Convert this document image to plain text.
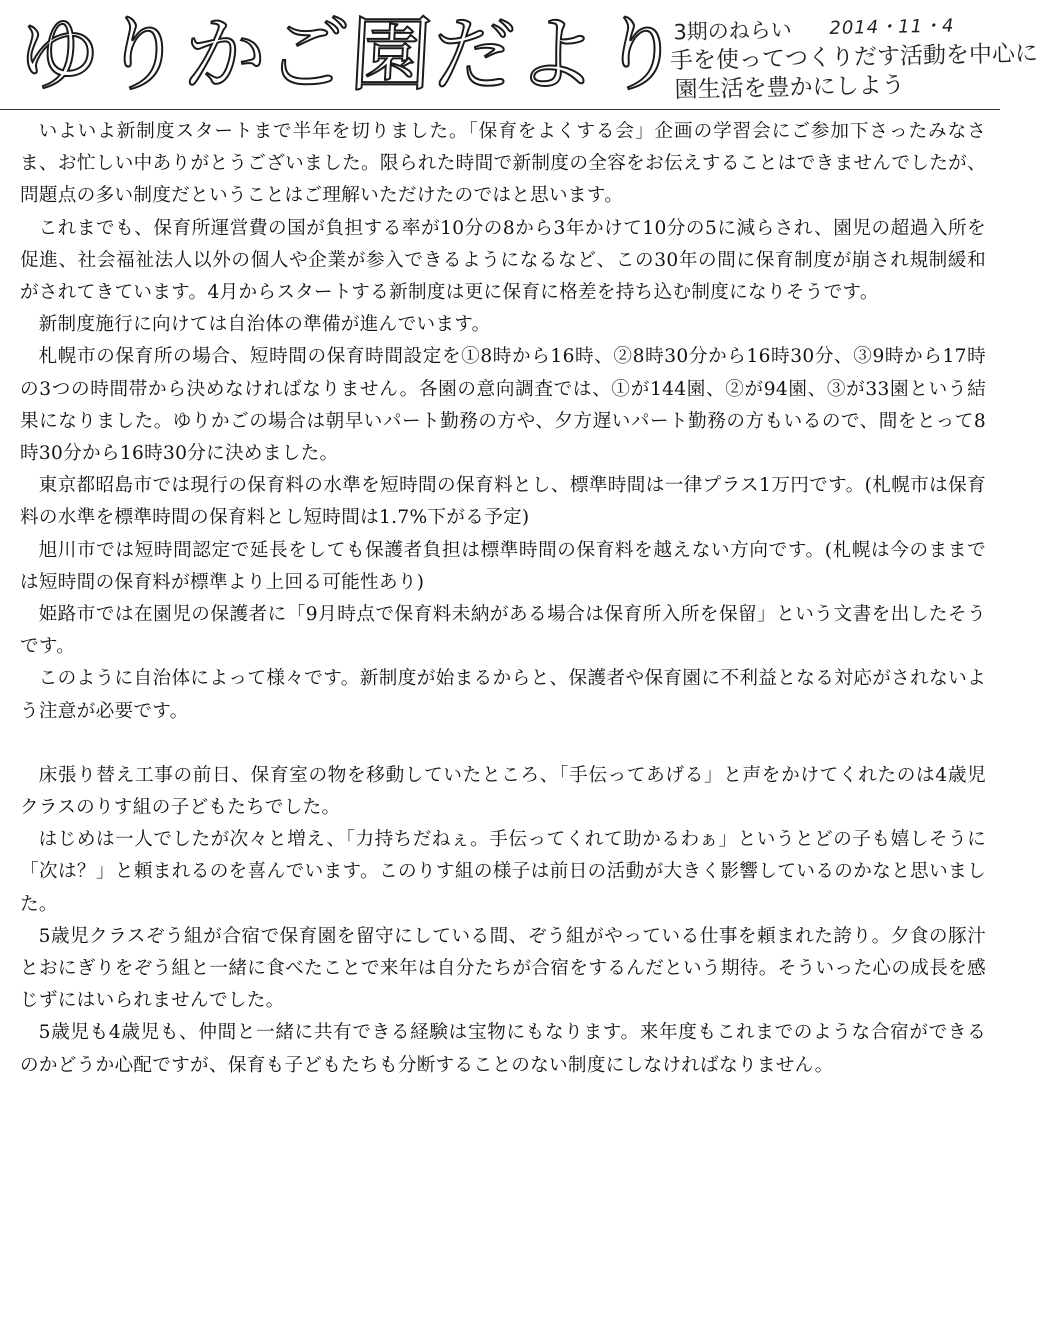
ゆりかご園だより
3期のねらい 2014・11・4
手を使ってつくりだす活動を中心に
園生活を豊かにしよう

いよいよ新制度スタートまで半年を切りました。「保育をよくする会」企画の学習会にご参加下さったみなさま、お忙しい中ありがとうございました。限られた時間で新制度の全容をお伝えすることはできませんでしたが、問題点の多い制度だということはご理解いただけたのではと思います。

これまでも、保育所運営費の国が負担する率が10分の8から3年かけて10分の5に減らされ、園児の超過入所を促進、社会福祉法人以外の個人や企業が参入できるようになるなど、この30年の間に保育制度が崩され規制緩和がされてきています。4月からスタートする新制度は更に保育に格差を持ち込む制度になりそうです。

新制度施行に向けては自治体の準備が進んでいます。

札幌市の保育所の場合、短時間の保育時間設定を①8時から16時、②8時30分から16時30分、③9時から17時の3つの時間帯から決めなければなりません。各園の意向調査では、①が144園、②が94園、③が33園という結果になりました。ゆりかごの場合は朝早いパート勤務の方や、夕方遅いパート勤務の方もいるので、間をとって8時30分から16時30分に決めました。

東京都昭島市では現行の保育料の水準を短時間の保育料とし、標準時間は一律プラス1万円です。(札幌市は保育料の水準を標準時間の保育料とし短時間は1.7%下がる予定)

旭川市では短時間認定で延長をしても保護者負担は標準時間の保育料を越えない方向です。(札幌は今のままでは短時間の保育料が標準より上回る可能性あり)

姫路市では在園児の保護者に「9月時点で保育料未納がある場合は保育所入所を保留」という文書を出したそうです。

このように自治体によって様々です。新制度が始まるからと、保護者や保育園に不利益となる対応がされないよう注意が必要です。

床張り替え工事の前日、保育室の物を移動していたところ、「手伝ってあげる」と声をかけてくれたのは4歳児クラスのりす組の子どもたちでした。

はじめは一人でしたが次々と増え、「力持ちだねぇ。手伝ってくれて助かるわぁ」というとどの子も嬉しそうに「次は？」と頼まれるのを喜んでいます。このりす組の様子は前日の活動が大きく影響しているのかなと思いました。

5歳児クラスぞう組が合宿で保育園を留守にしている間、ぞう組がやっている仕事を頼まれた誇り。夕食の豚汁とおにぎりをぞう組と一緒に食べたことで来年は自分たちが合宿をするんだという期待。そういった心の成長を感じずにはいられませんでした。

5歳児も4歳児も、仲間と一緒に共有できる経験は宝物にもなります。来年度もこれまでのような合宿ができるのかどうか心配ですが、保育も子どもたちも分断することのない制度にしなければなりません。
